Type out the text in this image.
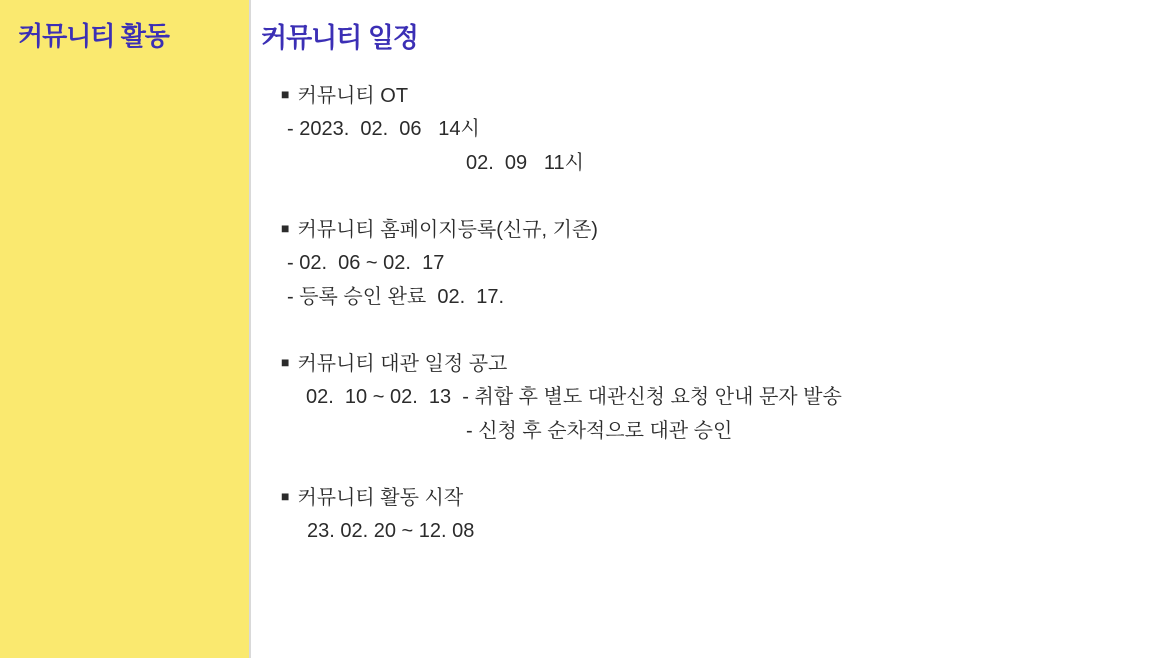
커뮤니티 활동	커뮤니티 일정
■ 커뮤니티 OT
- 2023.  02.  06   14시
02.  09   11시
■ 커뮤니티 홈페이지등록(신규, 기존)
- 02.  06 ~ 02.  17
- 등록 승인 완료  02.  17.
■ 커뮤니티 대관 일정 공고
02.  10 ~ 02.  13  - 취합 후 별도 대관신청 요청 안내 문자 발송
- 신청 후 순차적으로 대관 승인
■ 커뮤니티 활동 시작
23. 02. 20 ~ 12. 08
